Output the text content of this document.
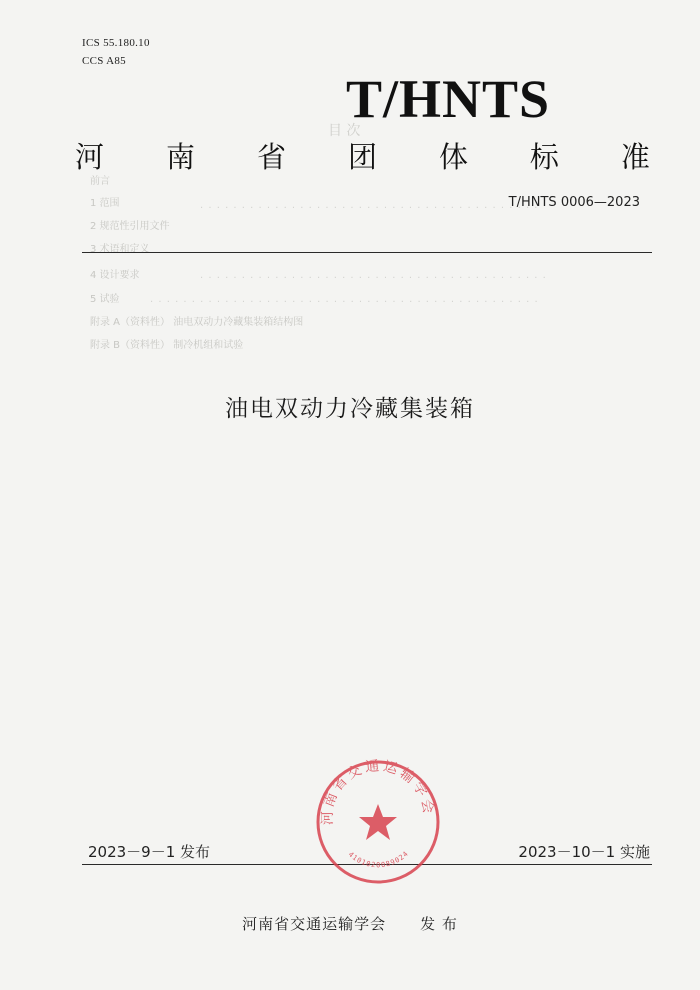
目 次
前言
1 范围
2 规范性引用文件
3 术语和定义
4 设计要求
5 试验
附录 A（资料性） 油电双动力冷藏集装箱结构图
附录 B（资料性） 制冷机组和试验
. . . . . . . . . . . . . . . . . . . . . . . . . . . . . . . . . . . . . . . . .
. . . . . . . . . . . . . . . . . . . . . . . . . . . . . . . . . . . . . . . . . .
. . . . . . . . . . . . . . . . . . . . . . . . . . . . . . . . . . . . . . . . . . . . . . .
ICS 55.180.10
CCS A85
T/HNTS
河 南 省 团 体 标 准
T/HNTS 0006—2023
油电双动力冷藏集装箱
2023－9－1 发布	2023－10－1 实施
河南省交通运输学会
4101020089024
河南省交通运输学会 发 布
